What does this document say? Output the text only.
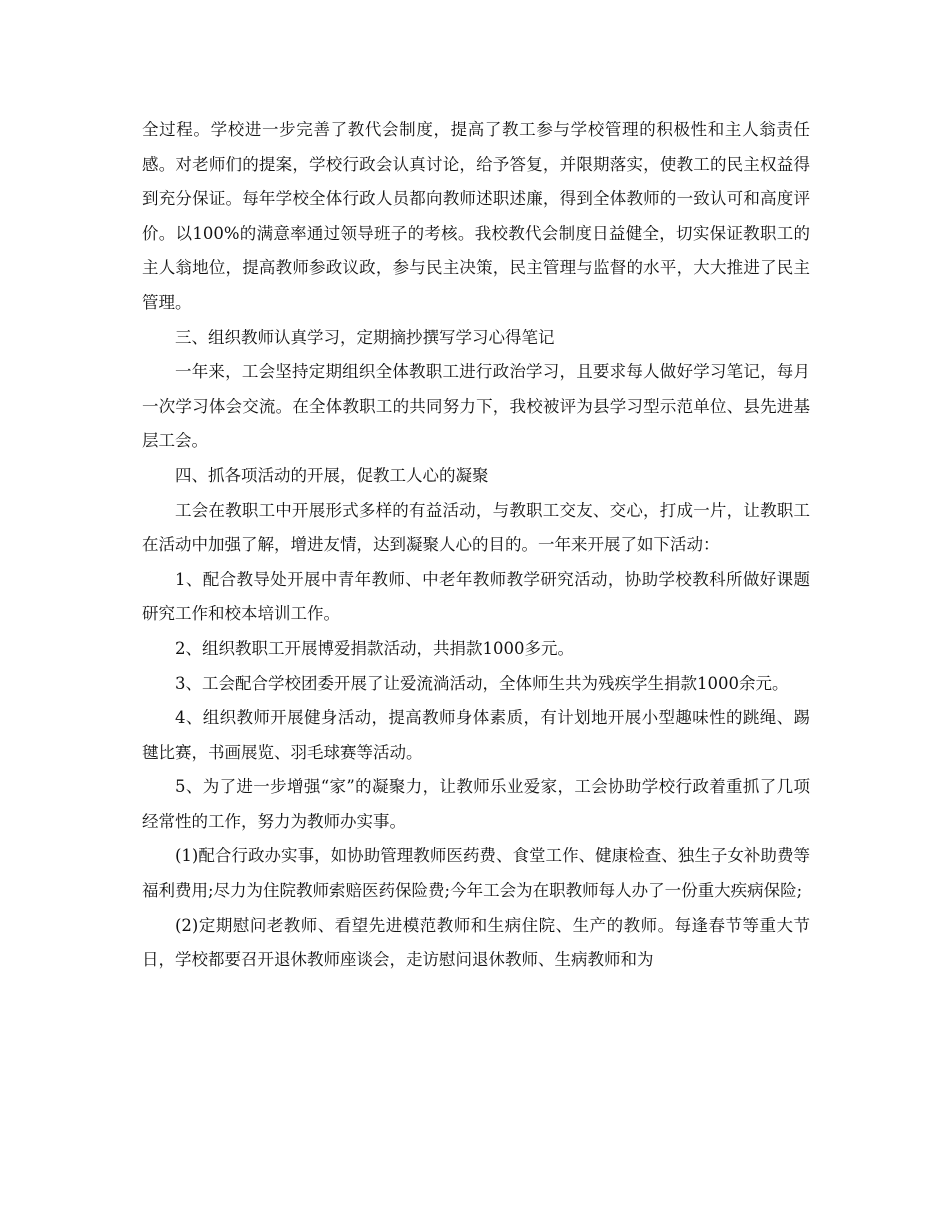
全过程。学校进一步完善了教代会制度，提高了教工参与学校管理的积极性和主人翁责任感。对老师们的提案，学校行政会认真讨论，给予答复，并限期落实，使教工的民主权益得到充分保证。每年学校全体行政人员都向教师述职述廉，得到全体教师的一致认可和高度评价。以100%的满意率通过领导班子的考核。我校教代会制度日益健全，切实保证教职工的主人翁地位，提高教师参政议政，参与民主决策，民主管理与监督的水平，大大推进了民主管理。

三、组织教师认真学习，定期摘抄撰写学习心得笔记

一年来，工会坚持定期组织全体教职工进行政治学习，且要求每人做好学习笔记，每月一次学习体会交流。在全体教职工的共同努力下，我校被评为县学习型示范单位、县先进基层工会。

四、抓各项活动的开展，促教工人心的凝聚

工会在教职工中开展形式多样的有益活动，与教职工交友、交心，打成一片，让教职工在活动中加强了解，增进友情，达到凝聚人心的目的。一年来开展了如下活动：

1、配合教导处开展中青年教师、中老年教师教学研究活动，协助学校教科所做好课题研究工作和校本培训工作。

2、组织教职工开展博爱捐款活动，共捐款1000多元。

3、工会配合学校团委开展了让爱流淌活动，全体师生共为残疾学生捐款1000余元。

4、组织教师开展健身活动，提高教师身体素质，有计划地开展小型趣味性的跳绳、踢毽比赛，书画展览、羽毛球赛等活动。

5、为了进一步增强“家”的凝聚力，让教师乐业爱家，工会协助学校行政着重抓了几项经常性的工作，努力为教师办实事。

(1)配合行政办实事，如协助管理教师医药费、食堂工作、健康检查、独生子女补助费等福利费用;尽力为住院教师索赔医药保险费;今年工会为在职教师每人办了一份重大疾病保险;

(2)定期慰问老教师、看望先进模范教师和生病住院、生产的教师。每逢春节等重大节日，学校都要召开退休教师座谈会，走访慰问退休教师、生病教师和为
